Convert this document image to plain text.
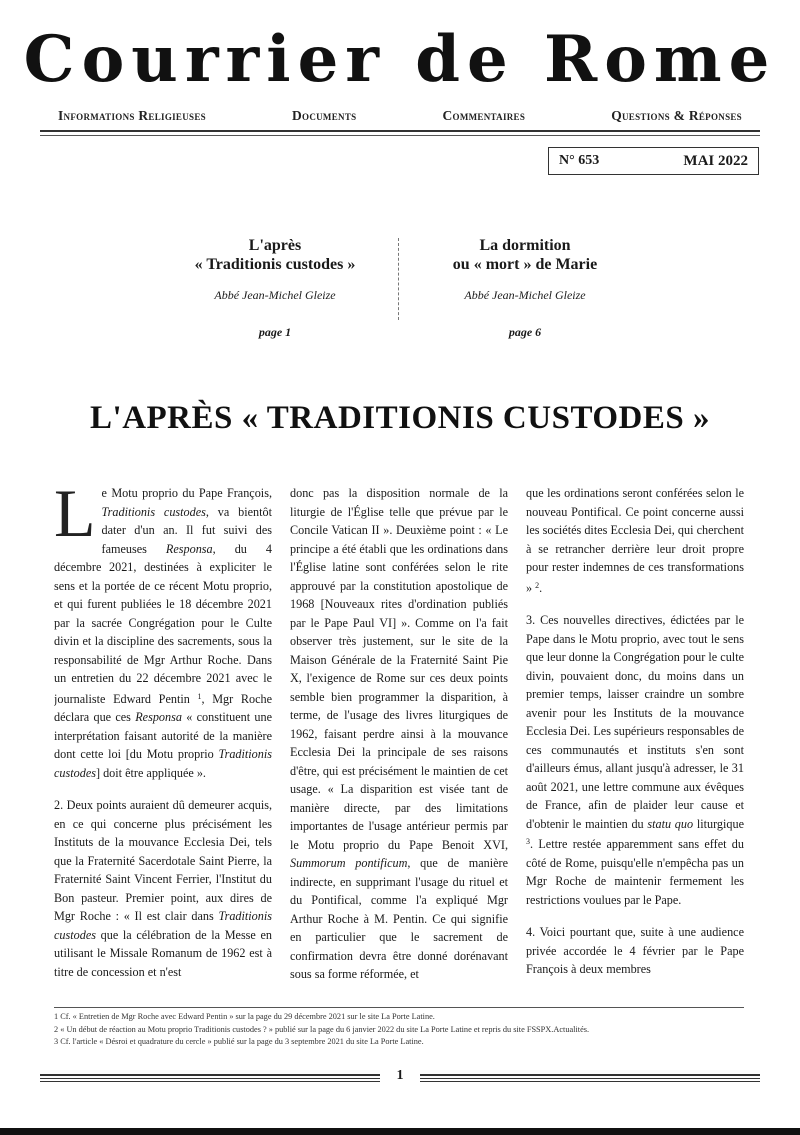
Courrier de Rome
Informations Religieuses	Documents	Commentaires	Questions & Réponses
N° 653	MAI 2022
L'après
« Traditionis custodes »
Abbé Jean-Michel Gleize
page 1
La dormition
ou « mort » de Marie
Abbé Jean-Michel Gleize
page 6
L'APRÈS « TRADITIONIS CUSTODES »

Le Motu proprio du Pape François, Traditionis custodes, va bientôt dater d'un an. Il fut suivi des fameuses Responsa, du 4 décembre 2021, destinées à expliciter le sens et la portée de ce récent Motu proprio, et qui furent publiées le 18 décembre 2021 par la sacrée Congrégation pour le Culte divin et la discipline des sacrements, sous la responsabilité de Mgr Arthur Roche. Dans un entretien du 22 décembre 2021 avec le journaliste Edward Pentin $^1$, Mgr Roche déclara que ces Responsa « constituent une interprétation faisant autorité de la manière dont cette loi [du Motu proprio Traditionis custodes] doit être appliquée ».

2. Deux points auraient dû demeurer acquis, en ce qui concerne plus précisément les Instituts de la mouvance Ecclesia Dei, tels que la Fraternité Sacerdotale Saint Pierre, la Fraternité Saint Vincent Ferrier, l'Institut du Bon pasteur. Premier point, aux dires de Mgr Roche : « Il est clair dans Traditionis custodes que la célébration de la Messe en utilisant le Missale Romanum de 1962 est à titre de concession et n'est

donc pas la disposition normale de la liturgie de l'Église telle que prévue par le Concile Vatican II ». Deuxième point : « Le principe a été établi que les ordinations dans l'Église latine sont conférées selon le rite approuvé par la constitution apostolique de 1968 [Nouveaux rites d'ordination publiés par le Pape Paul VI] ». Comme on l'a fait observer très justement, sur le site de la Maison Générale de la Fraternité Saint Pie X, l'exigence de Rome sur ces deux points semble bien programmer la disparition, à terme, de l'usage des livres liturgiques de 1962, faisant perdre ainsi à la mouvance Ecclesia Dei la principale de ses raisons d'être, qui est précisément le maintien de cet usage. « La disparition est visée tant de manière directe, par des limitations importantes de l'usage antérieur permis par le Motu proprio du Pape Benoit XVI, Summorum pontificum, que de manière indirecte, en supprimant l'usage du rituel et du Pontifical, comme l'a expliqué Mgr Arthur Roche à M. Pentin. Ce qui signifie en particulier que le sacrement de confirmation devra être donné dorénavant sous sa forme réformée, et

que les ordinations seront conférées selon le nouveau Pontifical. Ce point concerne aussi les sociétés dites Ecclesia Dei, qui cherchent à se retrancher derrière leur droit propre pour rester indemnes de ces transformations » $^2$.

3. Ces nouvelles directives, édictées par le Pape dans le Motu proprio, avec tout le sens que leur donne la Congrégation pour le culte divin, pouvaient donc, du moins dans un premier temps, laisser craindre un sombre avenir pour les Instituts de la mouvance Ecclesia Dei. Les supérieurs responsables de ces communautés et instituts s'en sont d'ailleurs émus, allant jusqu'à adresser, le 31 août 2021, une lettre commune aux évêques de France, afin de plaider leur cause et d'obtenir le maintien du statu quo liturgique $^3$. Lettre restée apparemment sans effet du côté de Rome, puisqu'elle n'empêcha pas un Mgr Roche de maintenir fermement les restrictions voulues par le Pape.

4. Voici pourtant que, suite à une audience privée accordée le 4 février par le Pape François à deux membres

1 Cf. « Entretien de Mgr Roche avec Edward Pentin » sur la page du 29 décembre 2021 sur le site La Porte Latine.
2 « Un début de réaction au Motu proprio Traditionis custodes ? » publié sur la page du 6 janvier 2022 du site La Porte Latine et repris du site FSSPX.Actualités.
3 Cf. l'article « Désroi et quadrature du cercle » publié sur la page du 3 septembre 2021 du site La Porte Latine.
1
